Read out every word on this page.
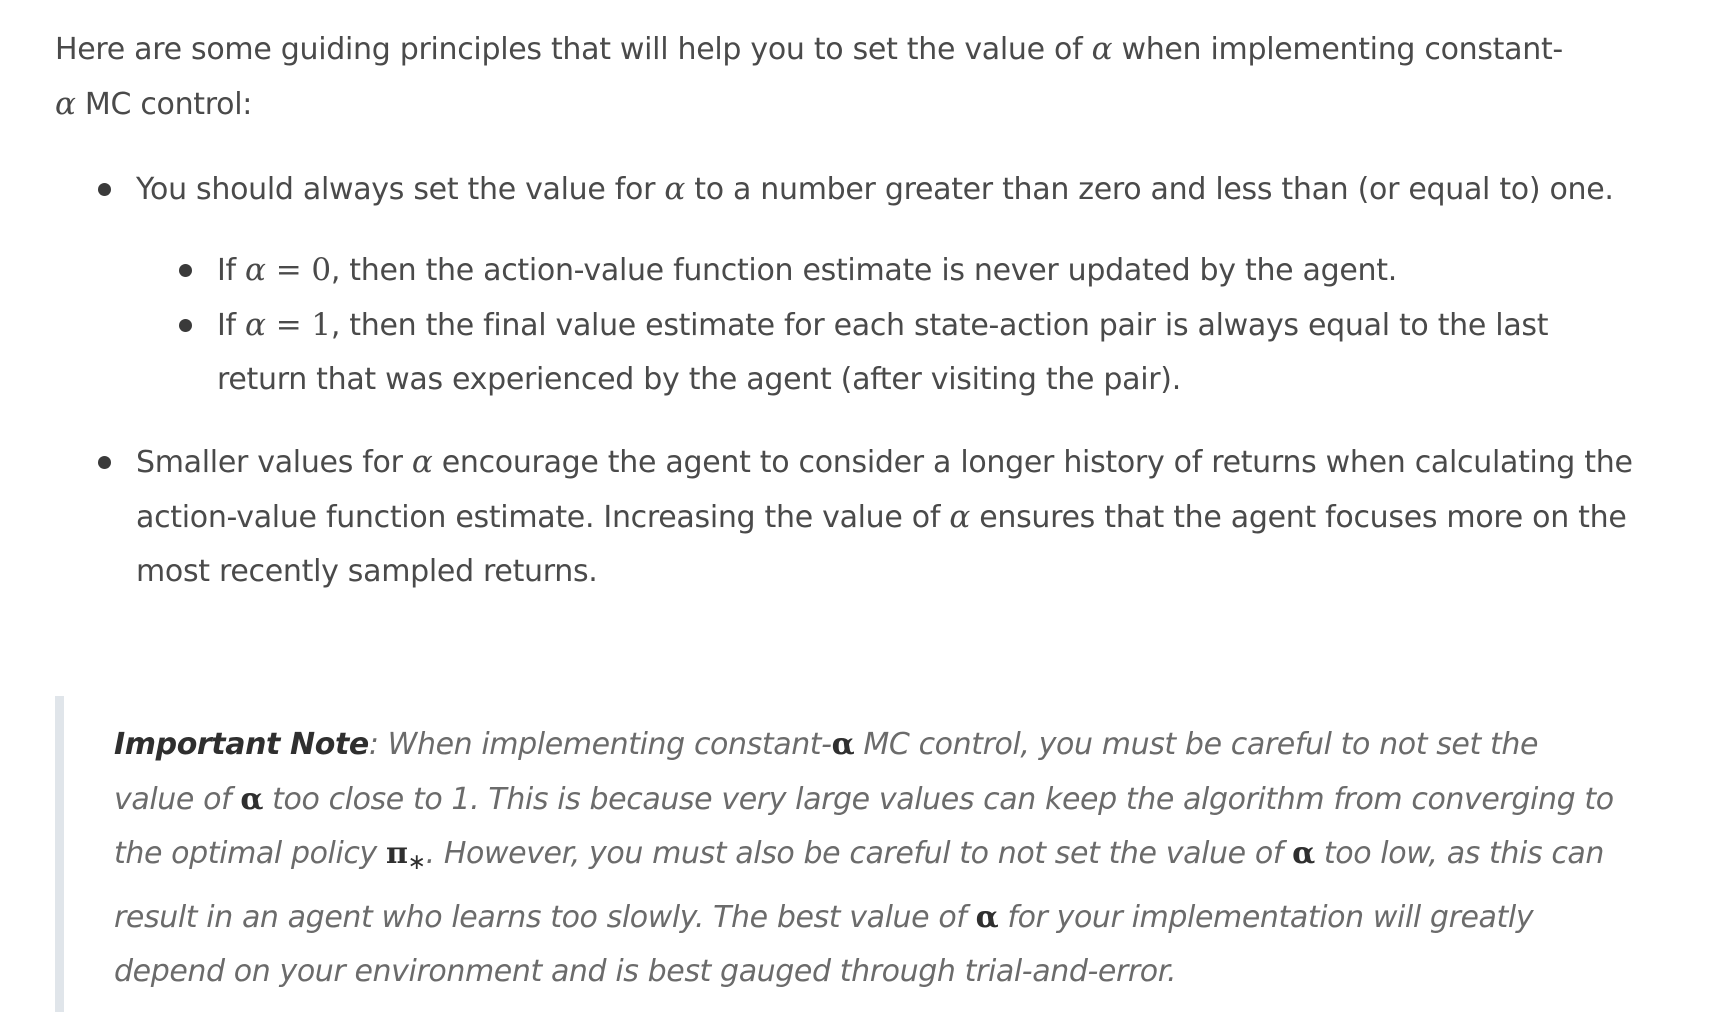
Here are some guiding principles that will help you to set the value of α when implementing constant-
α MC control:

You should always set the value for α to a number greater than zero and less than (or equal to) one.
If α = 0, then the action-value function estimate is never updated by the agent.
If α = 1, then the final value estimate for each state-action pair is always equal to the last return that was experienced by the agent (after visiting the pair).
Smaller values for α encourage the agent to consider a longer history of returns when calculating the action-value function estimate. Increasing the value of α ensures that the agent focuses more on the most recently sampled returns.
Important Note: When implementing constant-α MC control, you must be careful to not set the value of α too close to 1. This is because very large values can keep the algorithm from converging to the optimal policy $\pi_∗$. However, you must also be careful to not set the value of α too low, as this can result in an agent who learns too slowly. The best value of α for your implementation will greatly depend on your environment and is best gauged through trial-and-error.
